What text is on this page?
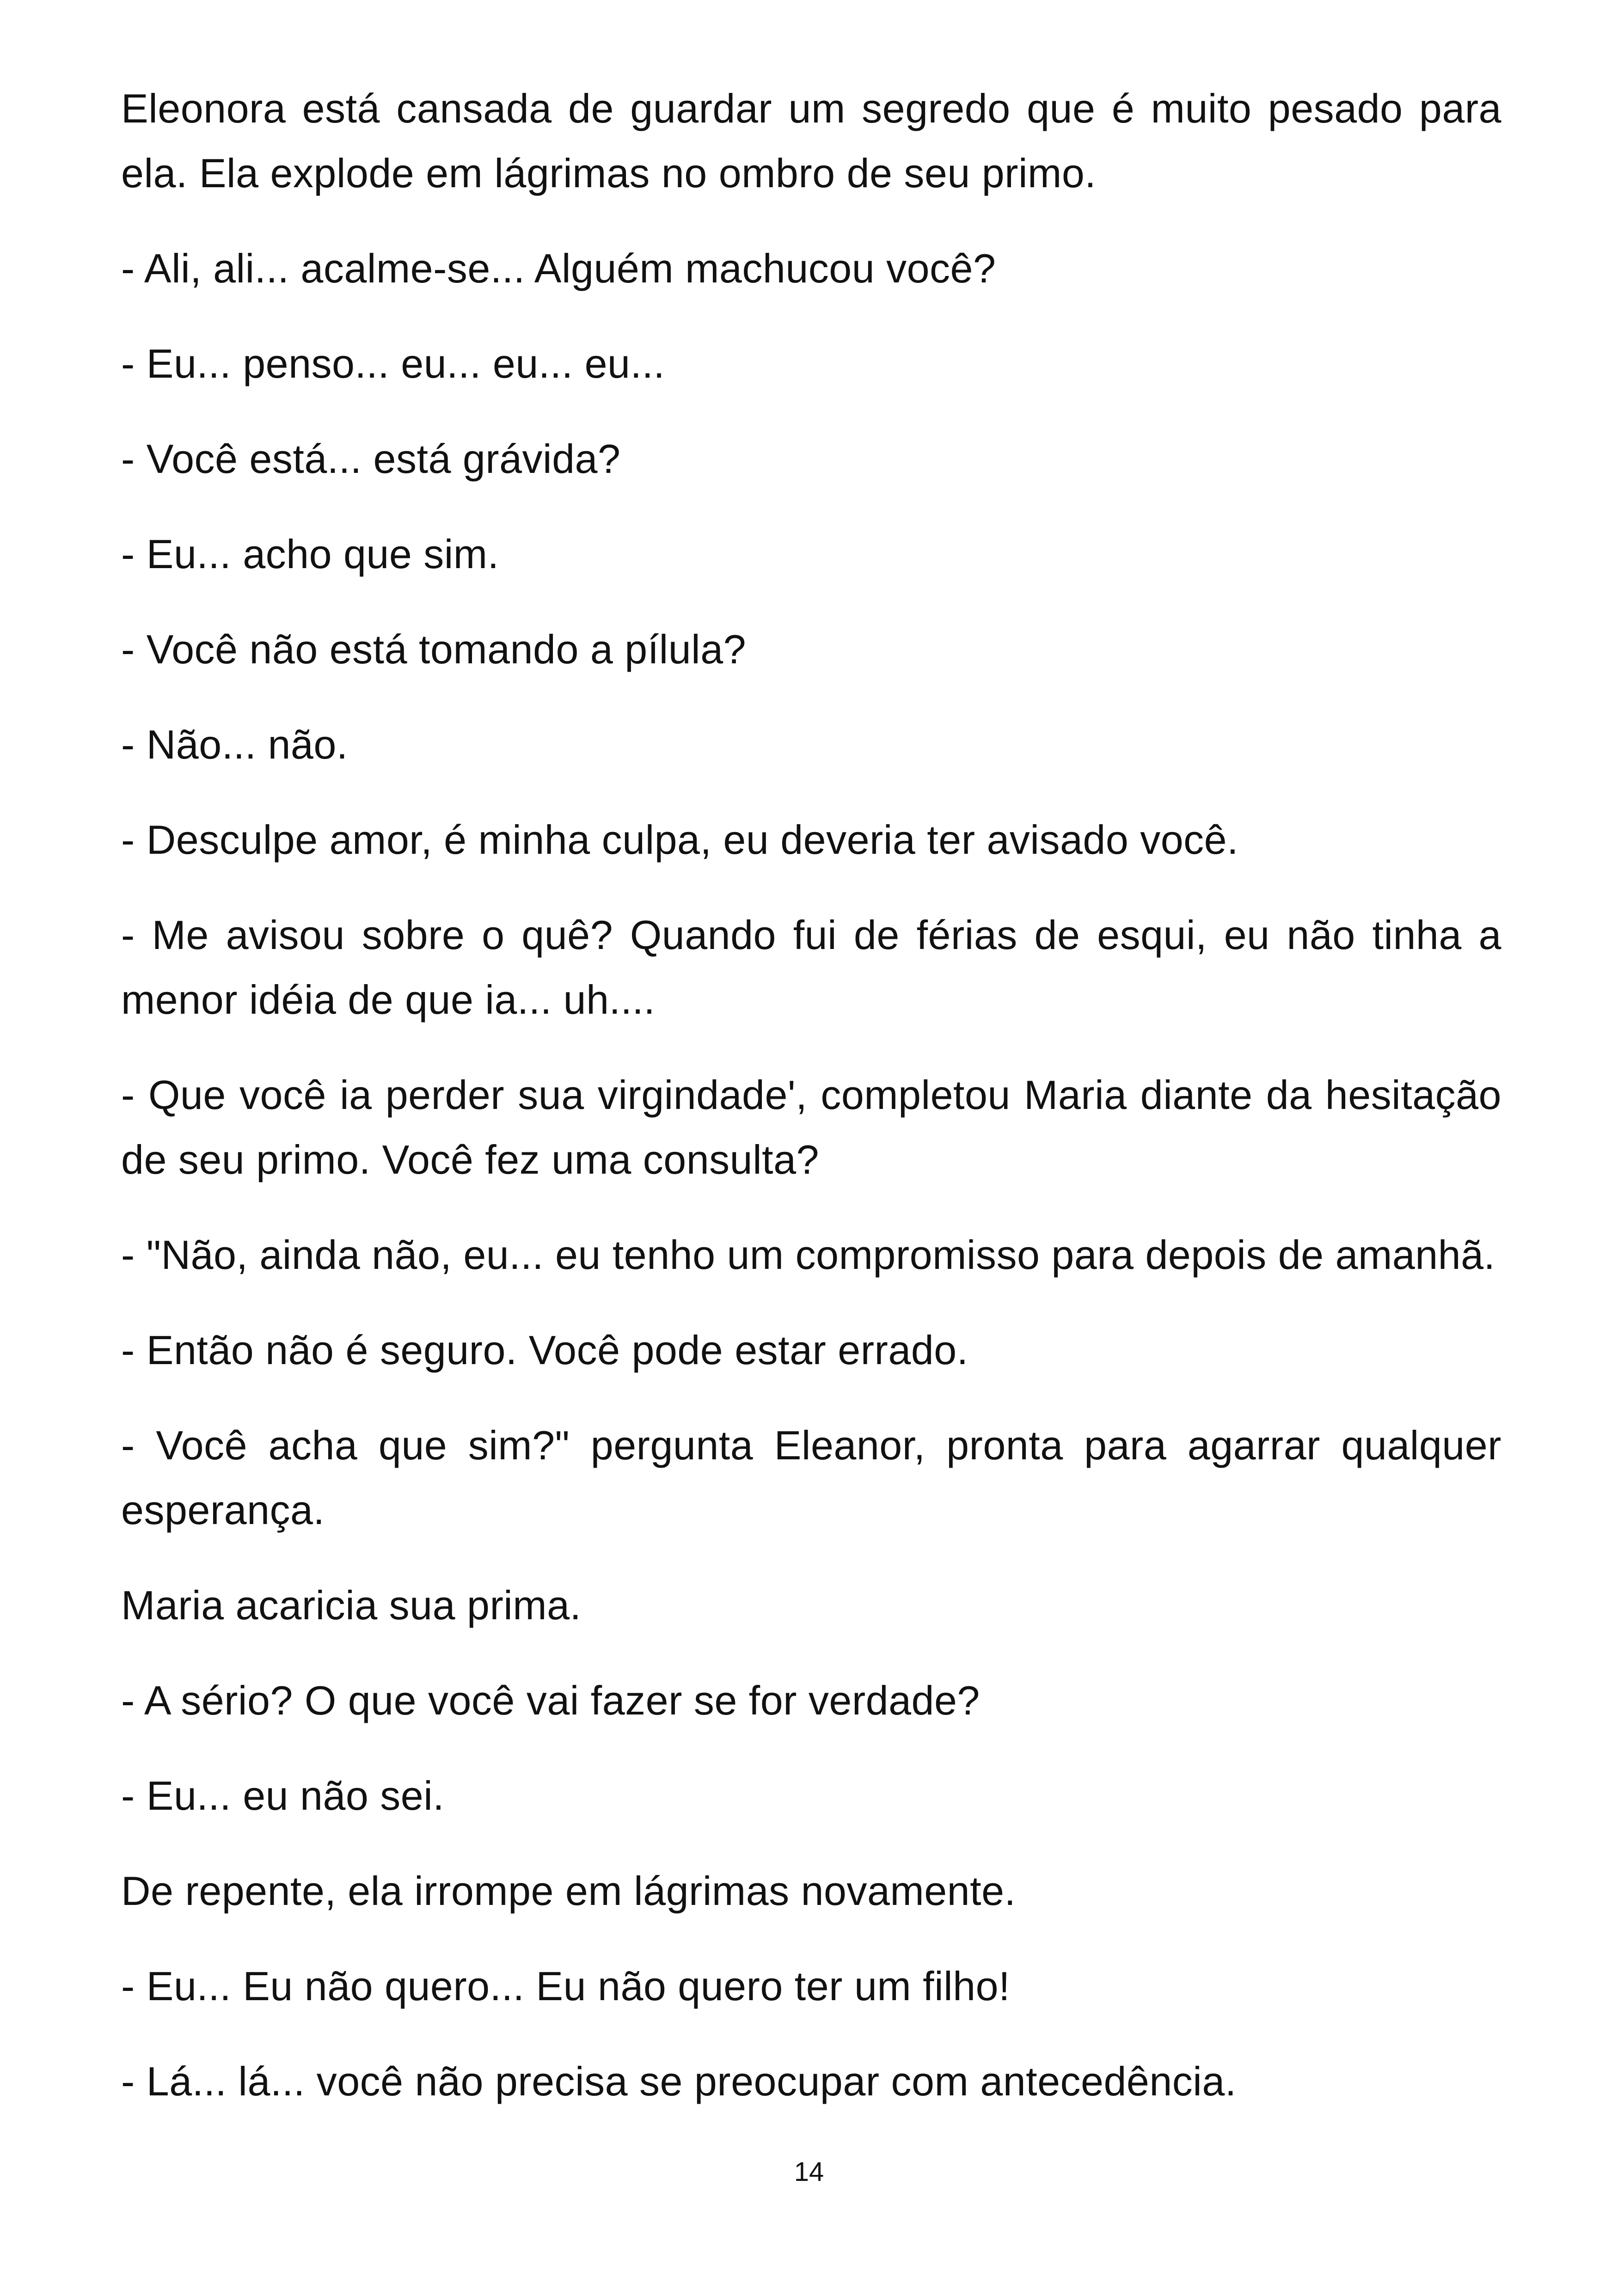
Eleonora está cansada de guardar um segredo que é muito pesado para ela. Ela explode em lágrimas no ombro de seu primo.

- Ali, ali... acalme-se... Alguém machucou você?

- Eu... penso... eu... eu... eu...

- Você está... está grávida?

- Eu... acho que sim.

- Você não está tomando a pílula?

- Não... não.

- Desculpe amor, é minha culpa, eu deveria ter avisado você.

- Me avisou sobre o quê? Quando fui de férias de esqui, eu não tinha a menor idéia de que ia... uh....

- Que você ia perder sua virgindade', completou Maria diante da hesitação de seu primo. Você fez uma consulta?

- "Não, ainda não, eu... eu tenho um compromisso para depois de amanhã.

- Então não é seguro. Você pode estar errado.

- Você acha que sim?" pergunta Eleanor, pronta para agarrar qualquer esperança.

Maria acaricia sua prima.

- A sério? O que você vai fazer se for verdade?

- Eu... eu não sei.

De repente, ela irrompe em lágrimas novamente.

- Eu... Eu não quero... Eu não quero ter um filho!

- Lá... lá... você não precisa se preocupar com antecedência.

14
